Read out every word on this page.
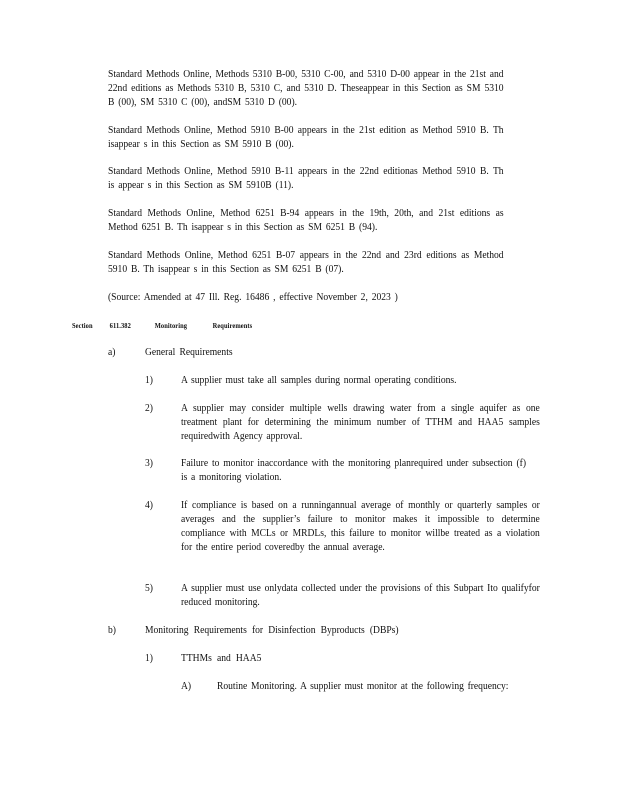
Standard Methods Online, Methods 5310 B-00, 5310 C-00, and 5310 D-00 appear in the 21st and 22nd editions as Methods 5310 B, 5310 C, and 5310 D. Theseappear in this Section as SM 5310 B (00), SM 5310 C (00), andSM 5310 D (00).
Standard Methods Online, Method 5910 B-00 appears in the 21st edition as Method 5910 B. Th isappear s in this Section as SM 5910 B (00).
Standard Methods Online, Method 5910 B-11 appears in the 22nd editionas Method 5910 B. Th is appear s in this Section as SM 5910B (11).
Standard Methods Online, Method 6251 B-94 appears in the 19th, 20th, and 21st editions as Method 6251 B. Th isappear s in this Section as SM 6251 B (94).
Standard Methods Online, Method 6251 B-07 appears in the 22nd and 23rd editions as Method 5910 B. Th isappear s in this Section as SM 6251 B (07).
(Source: Amended at 47 Ill. Reg. 16486 , effective November 2, 2023 )
Section 611.382	Monitoring	Requirements
a)	General Requirements
1)	A supplier must take all samples during normal operating conditions.
2)	A supplier may consider multiple wells drawing water from a single aquifer as one treatment plant for determining the minimum number of TTHM and HAA5 samples requiredwith Agency approval.
3)	Failure to monitor inaccordance with the monitoring planrequired under subsection (f) is a monitoring violation.
4)	If compliance is based on a runningannual average of monthly or quarterly samples or averages and the supplier’s failure to monitor makes it impossible to determine compliance with MCLs or MRDLs, this failure to monitor willbe treated as a violation for the entire period coveredby the annual average.
5)	A supplier must use onlydata collected under the provisions of this Subpart Ito qualifyfor reduced monitoring.
b)	Monitoring Requirements for Disinfection Byproducts (DBPs)
1)	TTHMs and HAA5
A) Routine Monitoring. A supplier must monitor at the following frequency:
